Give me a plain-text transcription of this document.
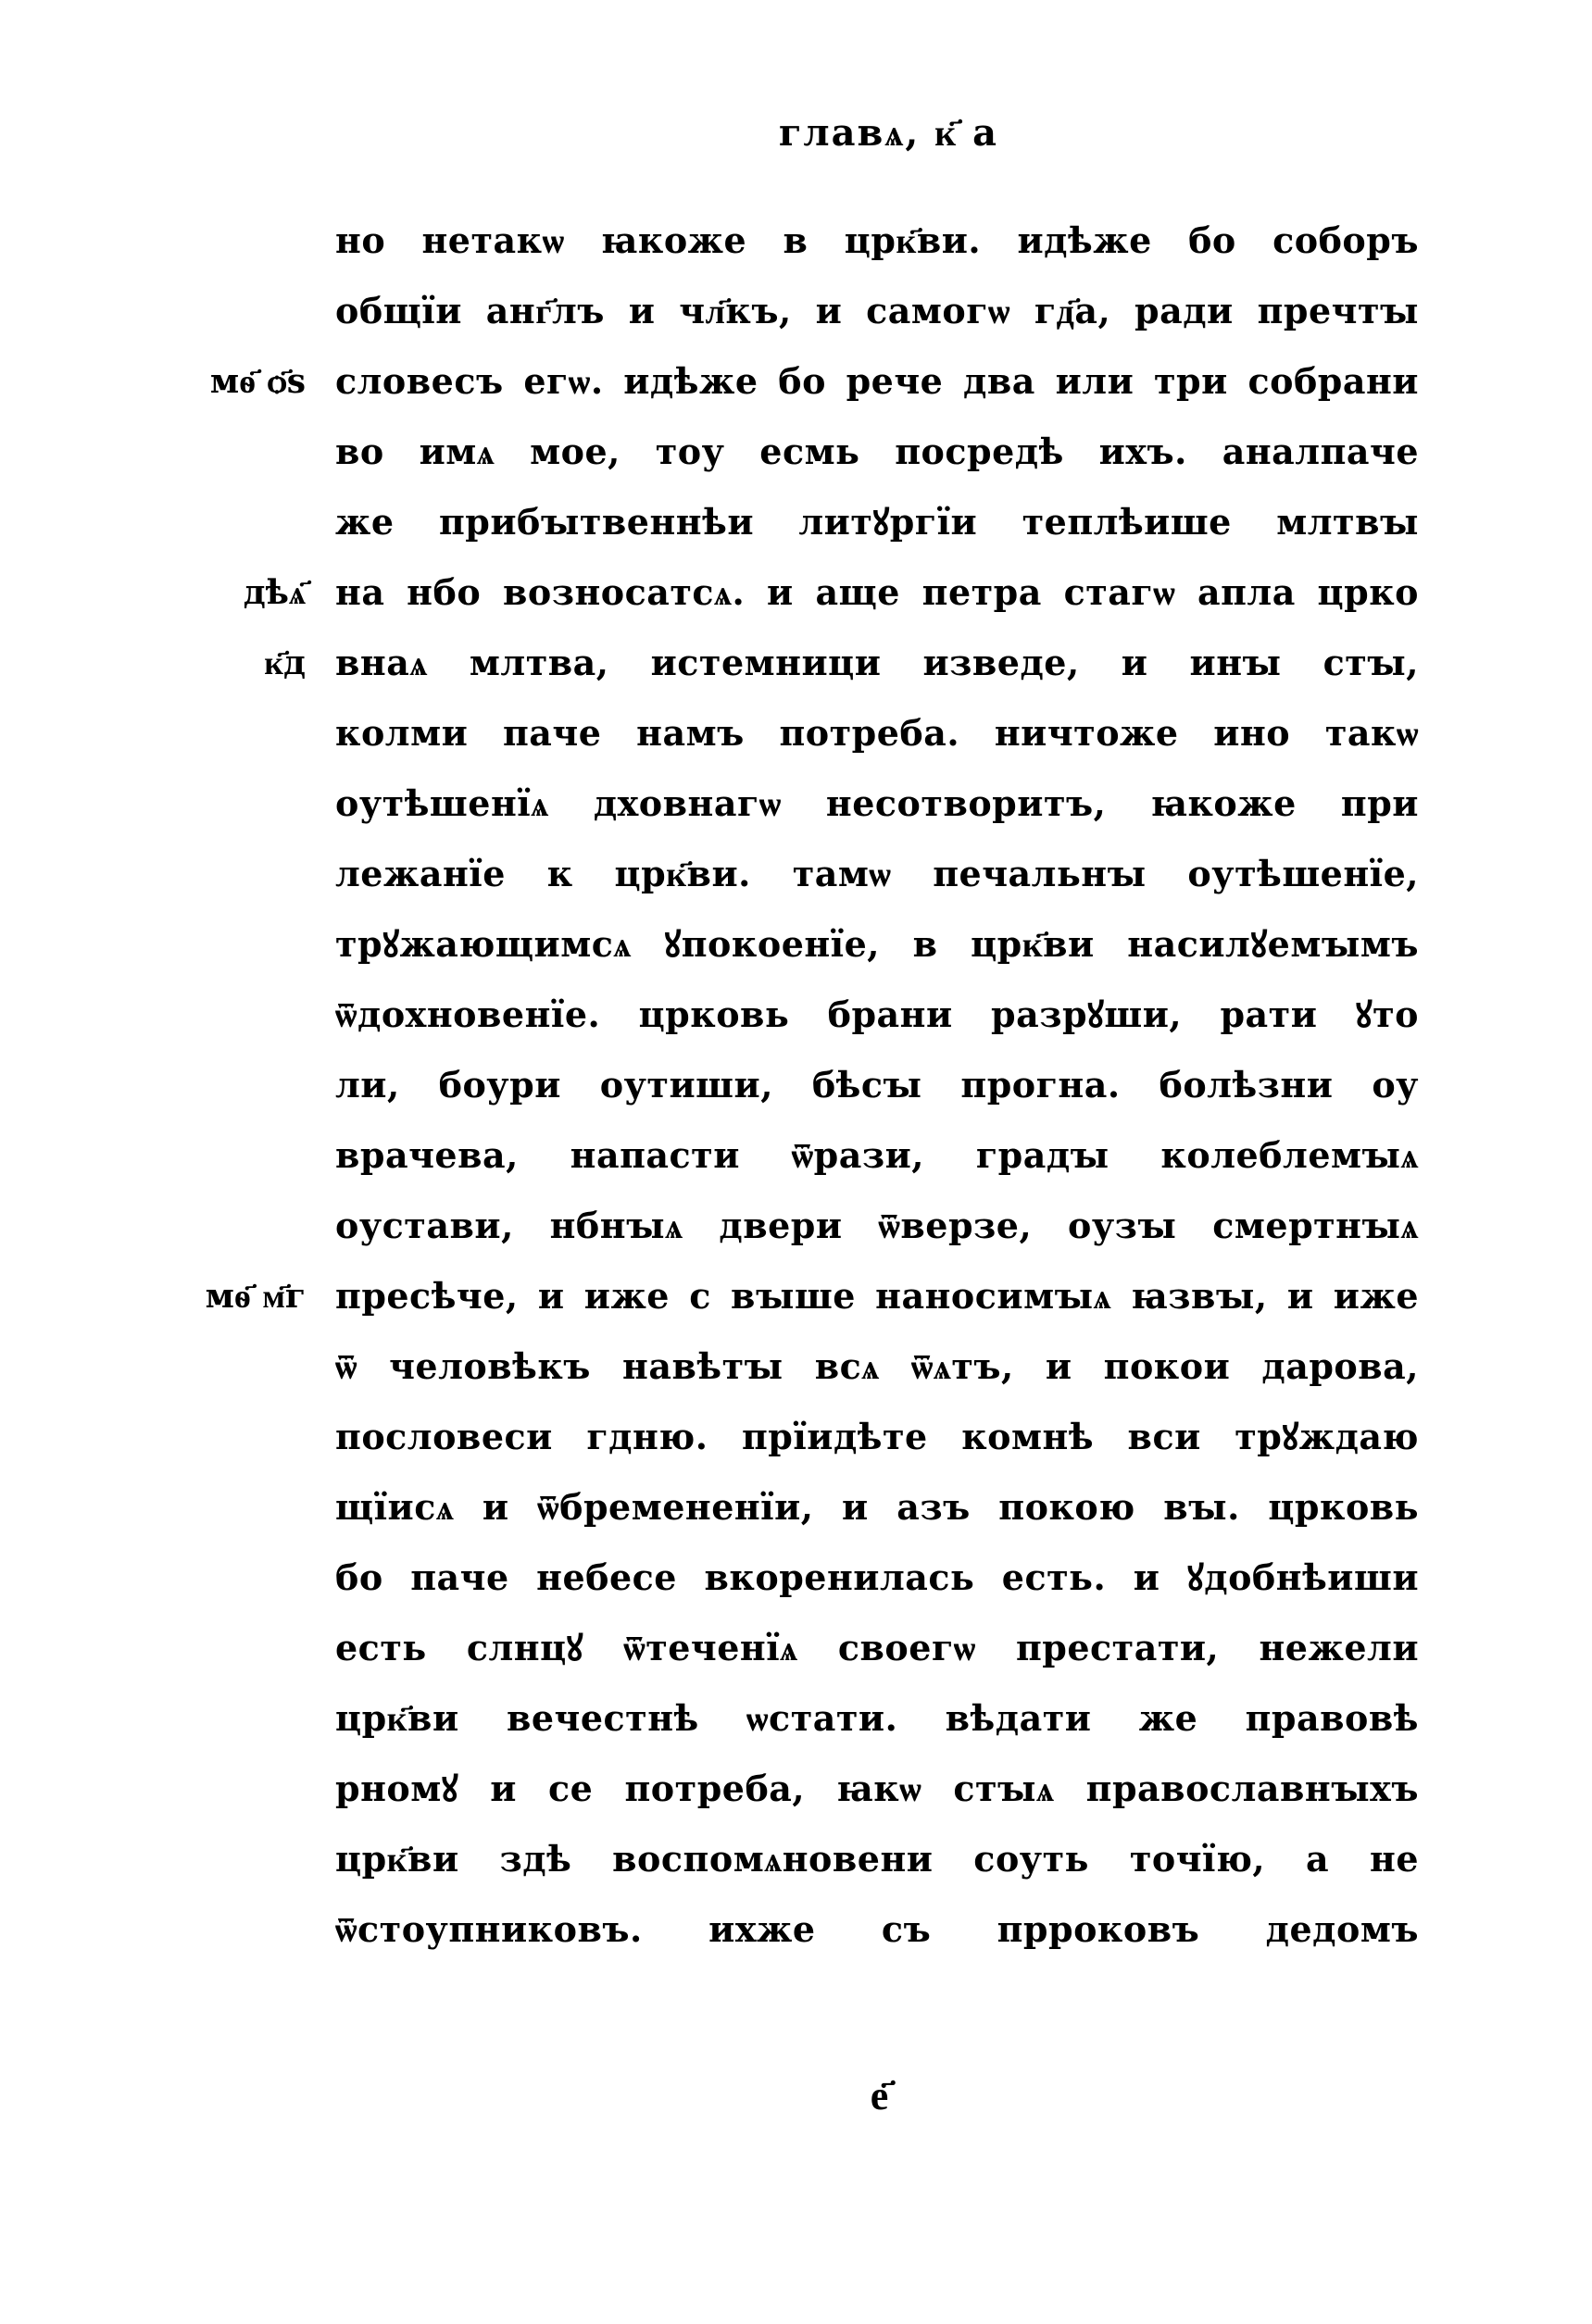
главѧ, к҃ а
мѳ҃ ѻ҃ѕ
дѣѧ҃
к҃д
мѳ҃ м҃г
но нетакѡ ꙗкоже в црк҃ви. идѣже бо соборъ
общїи анг҃лъ и чл҃къ, и самогѡ гд҃а, ради пречтꙑ
словесъ егѡ. идѣже бо рече два или три собрани
во имѧ мое, тоу есмь посредѣ ихъ. аналпаче
же прибꙑтвеннѣи литꙋргїи теплѣише млтвꙑ
на нбо возносатсѧ. и аще петра стагѡ апла црко
внаѧ млтва, истемници изведе, и инꙑ стꙑ,
колми паче намъ потреба. ничтоже ино такѡ
оутѣшенїѧ дховнагѡ несотворитъ, ꙗкоже при
лежанїе к црк҃ви. тамѡ печальнꙑ оутѣшенїе,
трꙋжающимсѧ ꙋпокоенїе, в црк҃ви насилꙋемꙑмъ
ѿдохновенїе. црковь брани разрꙋши, рати ꙋто
ли, боури оутиши, бѣсꙑ прогна. болѣзни оу
врачева, напасти ѿрази, градꙑ колеблемꙑѧ
оустави, нбнꙑѧ двери ѿверзе, оузꙑ смертнꙑѧ
пресѣче, и иже с вꙑше наносимꙑѧ ꙗзвꙑ, и иже
ѿ человѣкъ навѣтꙑ всѧ ѿѧтъ, и покои дарова,
пословеси гдню. прїидѣте комнѣ вси трꙋждаю
щїисѧ и ѿбремененїи, и азъ покою вꙑ. црковь
бо паче небесе вкоренилась есть. и ꙋдобнѣиши
есть слнцꙋ ѿтеченїѧ своегѡ престати, нежели
црк҃ви вечестнѣ ѡстати. вѣдати же правовѣ
рномꙋ и се потреба, ꙗкѡ стꙑѧ православнꙑхъ
црк҃ви здѣ воспомѧновени соуть точїю, а не
ѿстоупниковъ. ихже съ прроковъ дедомъ
е҃
